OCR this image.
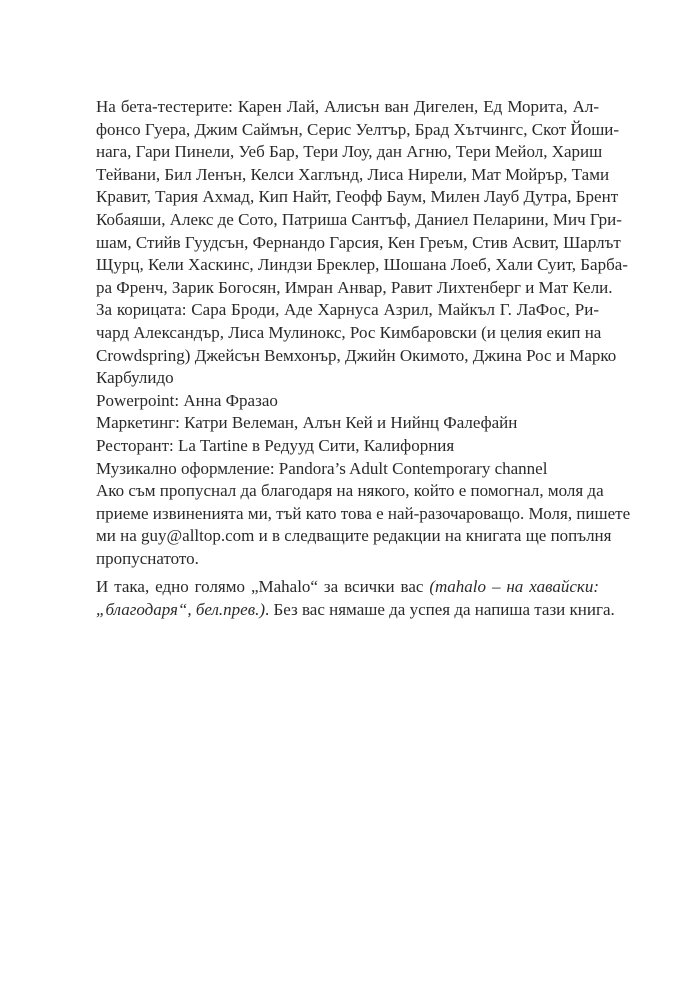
На бета-тестерите: Карен Лай, Алисън ван Дигелен, Ед Морита, Ал-
фонсо Гуера, Джим Саймън, Серис Уелтър, Брад Хътчингс, Скот Йоши-
нага, Гари Пинели, Уеб Бар, Тери Лоу, дан Агню, Тери Мейол, Хариш
Тейвани, Бил Ленън, Келси Хаглънд, Лиса Нирели, Мат Мойрър, Тами
Кравит, Тария Ахмад, Кип Найт, Геофф Баум, Милен Лауб Дутра, Брент
Кобаяши, Алекс де Сото, Патриша Сантъф, Даниел Пеларини, Мич Гри-
шам, Стийв Гуудсън, Фернандо Гарсия, Кен Греъм, Стив Асвит, Шарлът
Щурц, Кели Хаскинс, Линдзи Бреклер, Шошана Лоеб, Хали Суит, Барба-
ра Френч, Зарик Богосян, Имран Анвар, Равит Лихтенберг и Мат Кели.
За корицата: Сара Броди, Аде Харнуса Азрил, Майкъл Г. ЛаФос, Ри-
чард Александър, Лиса Мулинокс, Рос Кимбаровски (и целия екип на
Crowdspring) Джейсън Вемхонър, Джийн Окимото, Джина Рос и Марко
Карбулидо
Powerpoint: Анна Фразао
Маркетинг: Катри Велеман, Алън Кей и Нийнц Фалефайн
Ресторант: La Tartine в Редууд Сити, Калифорния
Музикално оформление: Pandora’s Adult Contemporary channel
Ако съм пропуснал да благодаря на някого, който е помогнал, моля да
приеме извиненията ми, тъй като това е най-разочароващо. Моля, пишете
ми на guy@alltop.com и в следващите редакции на книгата ще попълня
пропуснатото.
И така, едно голямо „Mahalo“ за всички вас (mahalo – на хавайски:
„благодаря“, бел.прев.). Без вас нямаше да успея да напиша тази книга.
